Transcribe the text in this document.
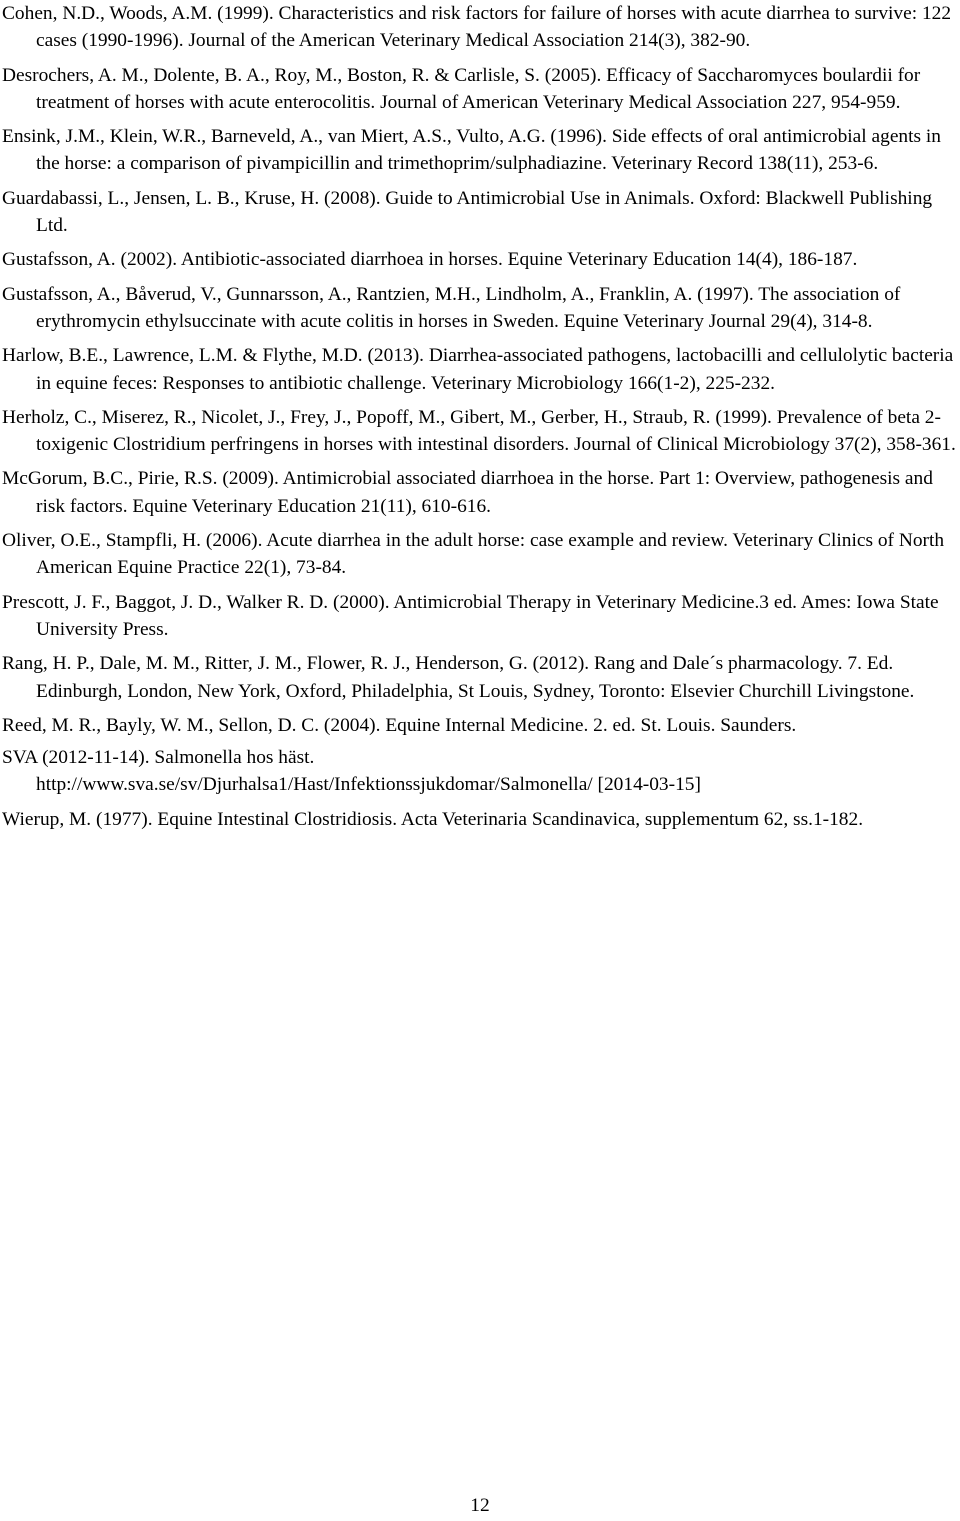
Cohen, N.D., Woods, A.M. (1999). Characteristics and risk factors for failure of horses with acute diarrhea to survive: 122 cases (1990-1996). Journal of the American Veterinary Medical Association 214(3), 382-90.

Desrochers, A. M., Dolente, B. A., Roy, M., Boston, R. & Carlisle, S. (2005). Efficacy of Saccharomyces boulardii for treatment of horses with acute enterocolitis. Journal of American Veterinary Medical Association 227, 954-959.

Ensink, J.M., Klein, W.R., Barneveld, A., van Miert, A.S., Vulto, A.G. (1996). Side effects of oral antimicrobial agents in the horse: a comparison of pivampicillin and trimethoprim/sulphadiazine. Veterinary Record 138(11), 253-6.

Guardabassi, L., Jensen, L. B., Kruse, H. (2008). Guide to Antimicrobial Use in Animals. Oxford: Blackwell Publishing Ltd.

Gustafsson, A. (2002). Antibiotic-associated diarrhoea in horses. Equine Veterinary Education 14(4), 186-187.

Gustafsson, A., Båverud, V., Gunnarsson, A., Rantzien, M.H., Lindholm, A., Franklin, A. (1997). The association of erythromycin ethylsuccinate with acute colitis in horses in Sweden. Equine Veterinary Journal 29(4), 314-8.

Harlow, B.E., Lawrence, L.M. & Flythe, M.D. (2013). Diarrhea-associated pathogens, lactobacilli and cellulolytic bacteria in equine feces: Responses to antibiotic challenge. Veterinary Microbiology 166(1-2), 225-232.

Herholz, C., Miserez, R., Nicolet, J., Frey, J., Popoff, M., Gibert, M., Gerber, H., Straub, R. (1999). Prevalence of beta 2-toxigenic Clostridium perfringens in horses with intestinal disorders. Journal of Clinical Microbiology 37(2), 358-361.

McGorum, B.C., Pirie, R.S. (2009). Antimicrobial associated diarrhoea in the horse. Part 1: Overview, pathogenesis and risk factors. Equine Veterinary Education 21(11), 610-616.

Oliver, O.E., Stampfli, H. (2006). Acute diarrhea in the adult horse: case example and review. Veterinary Clinics of North American Equine Practice 22(1), 73-84.

Prescott, J. F., Baggot, J. D., Walker R. D. (2000). Antimicrobial Therapy in Veterinary Medicine.3 ed. Ames: Iowa State University Press.

Rang, H. P., Dale, M. M., Ritter, J. M., Flower, R. J., Henderson, G. (2012). Rang and Dale´s pharmacology. 7. Ed. Edinburgh, London, New York, Oxford, Philadelphia, St Louis, Sydney, Toronto: Elsevier Churchill Livingstone.

Reed, M. R., Bayly, W. M., Sellon, D. C. (2004). Equine Internal Medicine. 2. ed. St. Louis. Saunders.

SVA (2012-11-14). Salmonella hos häst.
http://www.sva.se/sv/Djurhalsa1/Hast/Infektionssjukdomar/Salmonella/ [2014-03-15]

Wierup, M. (1977). Equine Intestinal Clostridiosis. Acta Veterinaria Scandinavica, supplementum 62, ss.1-182.

12
